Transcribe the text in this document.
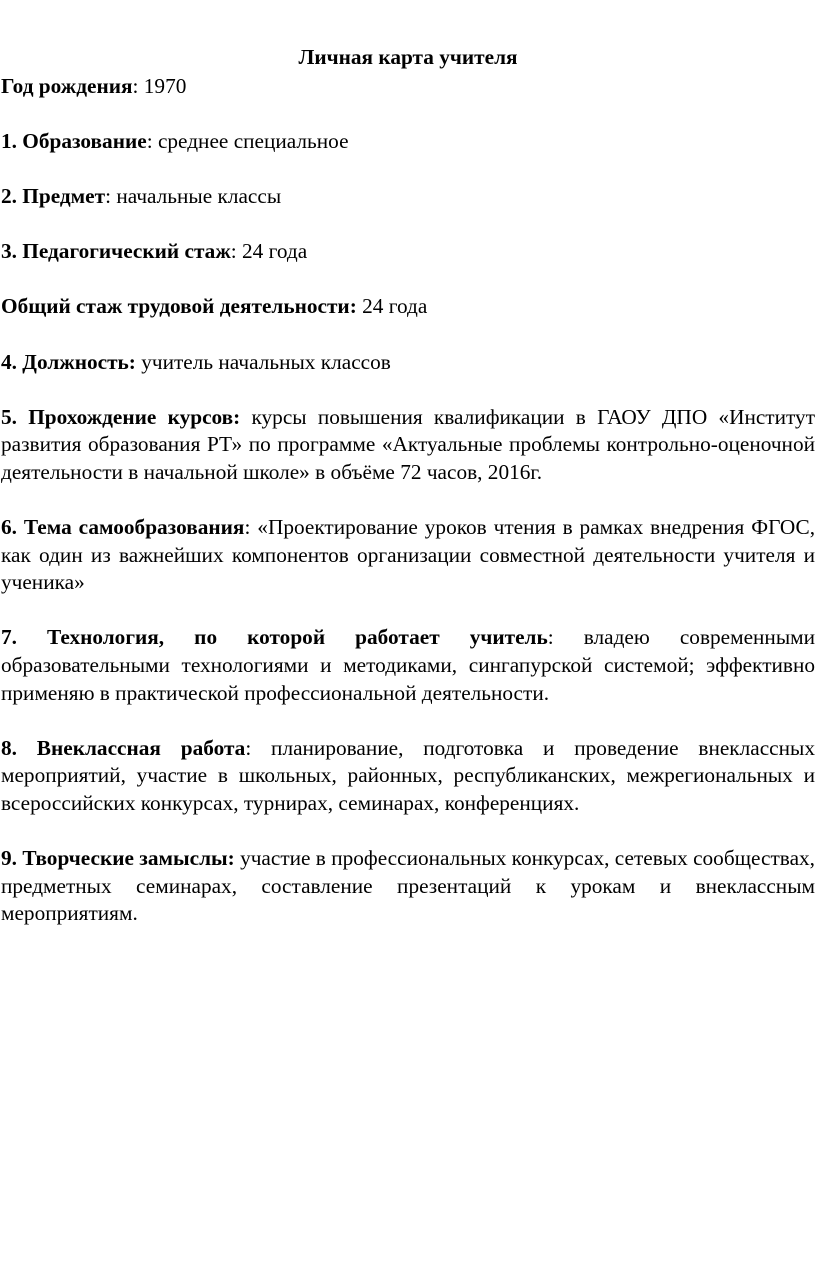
Личная карта учителя

Год рождения: 1970

1. Образование: среднее специальное

2. Предмет: начальные классы

3. Педагогический стаж: 24 года

Общий стаж трудовой деятельности: 24 года

4. Должность: учитель начальных классов

5. Прохождение курсов: курсы повышения квалификации в ГАОУ ДПО «Институт развития образования РТ» по программе «Актуальные проблемы контрольно-оценочной деятельности в начальной школе» в объёме 72 часов, 2016г.

6. Тема самообразования: «Проектирование уроков чтения в рамках внедрения ФГОС, как один из важнейших компонентов организации совместной деятельности учителя и ученика»

7. Технология, по которой работает учитель: владею современными образовательными технологиями и методиками, сингапурской системой; эффективно применяю в практической профессиональной деятельности.

8. Внеклассная работа: планирование, подготовка и проведение внеклассных мероприятий, участие в школьных, районных, республиканских, межрегиональных и всероссийских конкурсах, турнирах, семинарах, конференциях.

9. Творческие замыслы: участие в профессиональных конкурсах, сетевых сообществах, предметных семинарах, составление презентаций к урокам и внеклассным мероприятиям.
